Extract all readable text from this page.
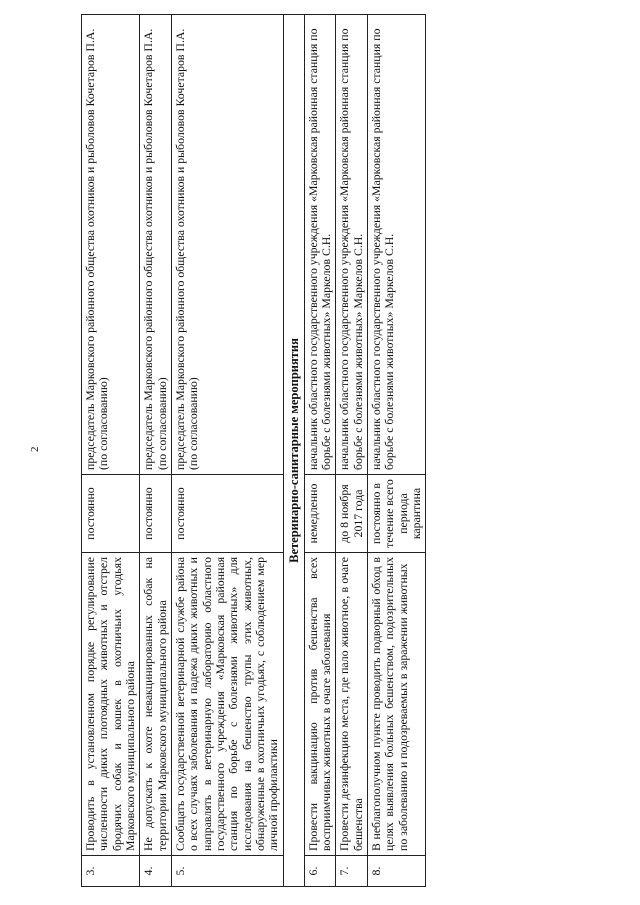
2
3.	Проводить в установленном порядке регулирование численности диких плотоядных животных и отстрел бродячих собак и кошек в охотничьих угодьях Марковского муниципального района	постоянно	председатель Марковского районного общества охотников и рыболовов Кочетаров П.А. (по согласованию)
4.	Не допускать к охоте невакцинированных собак на территории Марковского муниципального района	постоянно	председатель Марковского районного общества охотников и рыболовов Кочетаров П.А. (по согласованию)
5.	Сообщать государственной ветеринарной службе района о всех случаях заболевания и падежа диких животных и направлять в ветеринарную лабораторию областного государственного учреждения «Марковская районная станция по борьбе с болезнями животных» для исследования на бешенство трупы этих животных, обнаруженные в охотничьих угодьях, с соблюдением мер личной профилактики	постоянно	председатель Марковского районного общества охотников и рыболовов Кочетаров П.А. (по согласованию)
Ветеринарно-санитарные мероприятия			
6.	Провести вакцинацию против бешенства всех восприимчивых животных в очаге заболевания	немедленно	начальник областного государственного учреждения «Марковская районная станция по борьбе с болезнями животных» Маркелов С.Н.
7.	Провести дезинфекцию места, где пало животное, в очаге бешенства	до 8 ноября 2017 года	начальник областного государственного учреждения «Марковская районная станция по борьбе с болезнями животных» Маркелов С.Н.
8.	В неблагополучном пункте проводить подворный обход в целях выявления больных бешенством, подозрительных по заболеванию и подозреваемых в заражении животных	постоянно в течение всего периода карантина	начальник областного государственного учреждения «Марковская районная станция по борьбе с болезнями животных» Маркелов С.Н.
